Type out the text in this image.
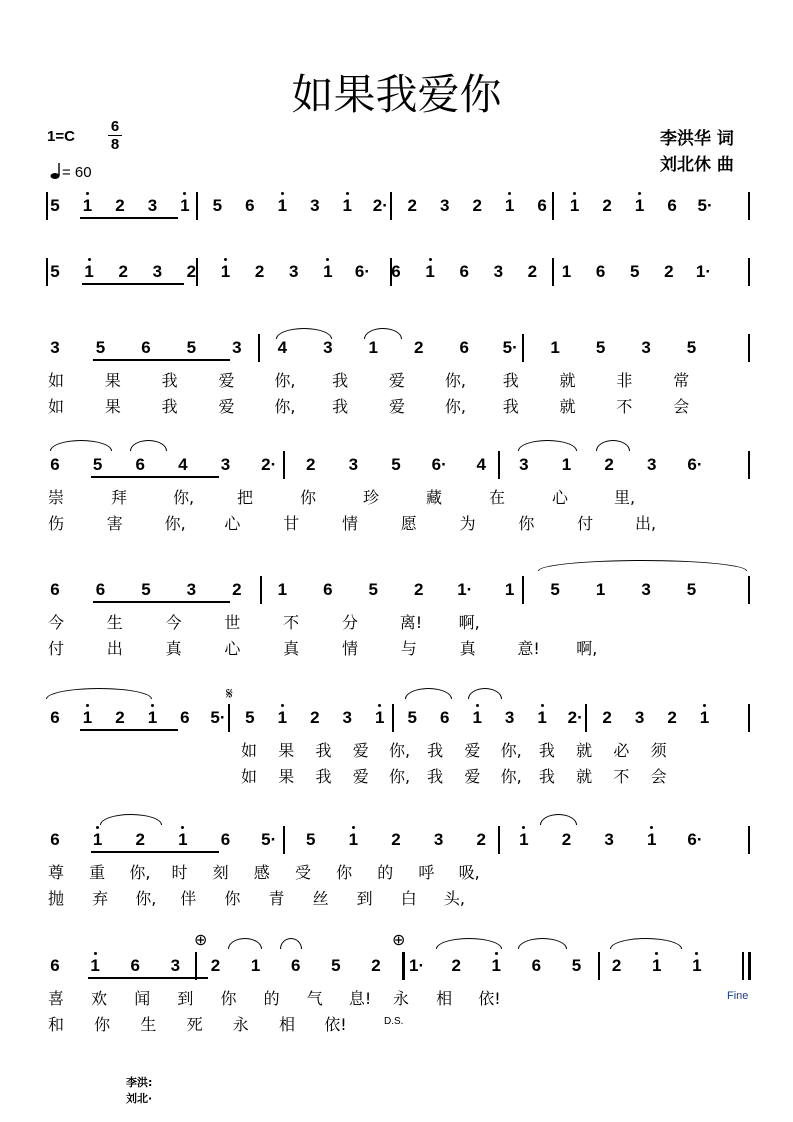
如果我爱你
1=C
6
8
= 60
李洪华 词
刘北休 曲
5 1 2 3 1 5 6 1 3 1 2· 2 3 2 1 6 1 2 1 6 5·
5 1 2 3 2 1 2 3 1 6· 6 1 6 3 2 1 6 5 2 1·
3 5 6 5 3 4 3 1 2 6 5· 1 5 3 5
如	果	我	爱 你, 我	爱 你, 我	就	非	常
如	果	我	爱 你, 我	爱 你, 我	就	不	会
6 5 6 4 3 2· 2 3 5 6· 4 3 1 2 3 6·
崇	拜	你,	把	你	珍	藏	在	心	里,
伤	害	你, 心	甘	情	愿	为	你	付	出,
6 6 5 3 2 1 6 5 2 1· 1 5 1 3 5
今	生	今	世	不	分	离! 啊,
付	出	真	心	真	情	与	真	意! 啊,
6 1 2 1 6 5· 5 1 2 3 1 5 6 1 3 1 2· 2 3 2 1
如 果 我 爱 你, 我 爱 你, 我 就 必 须
如 果 我 爱 你, 我 爱 你, 我 就 不 会
6 1 2 1 6 5· 5 1 2 3 2 1 2 3 1 6·
尊 重 你, 时 刻 感 受 你 的 呼 吸,
抛 弃 你, 伴 你 青 丝 到 白 头,
6 1 6 3 2 1 6 5 2 1· 2 1 6 5 2 1 1
喜 欢 闻 到 你 的 气 息! 永 相 依!
和 你 生 死 永 相 依!
𝄋
⊕	⊕
Fine
D.S.
李洪:
刘北·
